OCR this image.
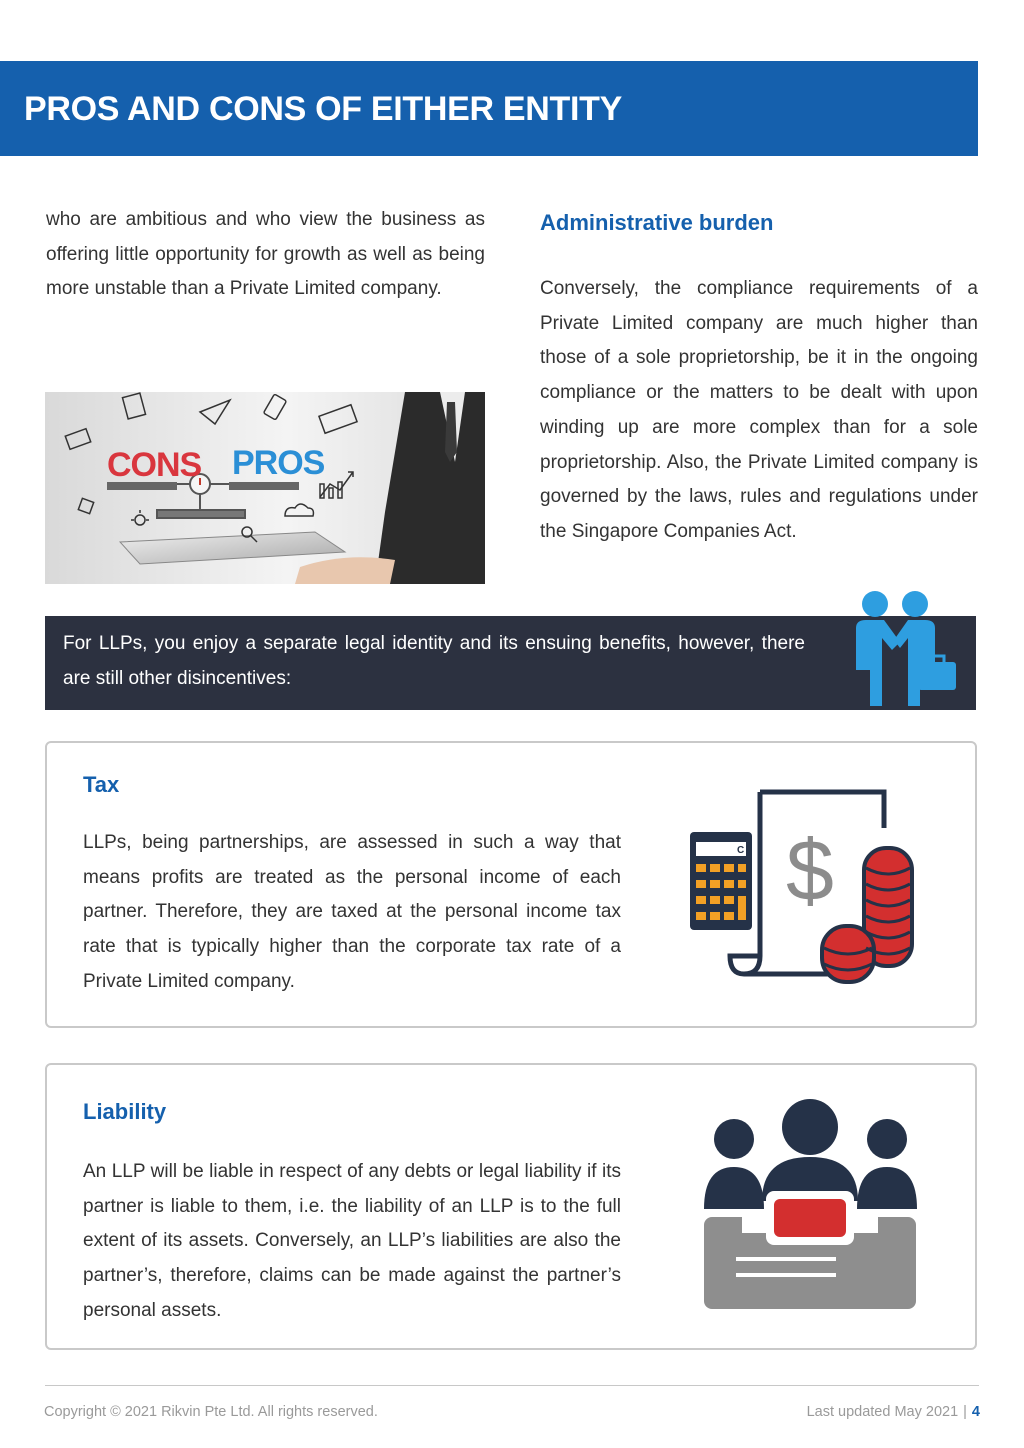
PROS AND CONS OF EITHER ENTITY

who are ambitious and who view the business as offering little opportunity for growth as well as being more unstable than a Private Limited company.

CONS PROS
Administrative burden

Conversely, the compliance requirements of a Private Limited company are much higher than those of a sole proprietorship, be it in the ongoing compliance or the matters to be dealt with upon winding up are more complex than for a sole proprietorship. Also, the Private Limited company is governed by the laws, rules and regulations under the Singapore Companies Act.

For LLPs, you enjoy a separate legal identity and its ensuing benefits, however, there are still other disincentives:

Tax

LLPs, being partnerships, are assessed in such a way that means profits are treated as the personal income of each partner. Therefore, they are taxed at the personal income tax rate that is typically higher than the corporate tax rate of a Private Limited company.

$
C
Liability

An LLP will be liable in respect of any debts or legal liability if its partner is liable to them, i.e. the liability of an LLP is to the full extent of its assets. Conversely, an LLP’s liabilities are also the partner’s, therefore, claims can be made against the partner’s personal assets.

Copyright © 2021 Rikvin Pte Ltd. All rights reserved.	Last updated May 2021 | 4
